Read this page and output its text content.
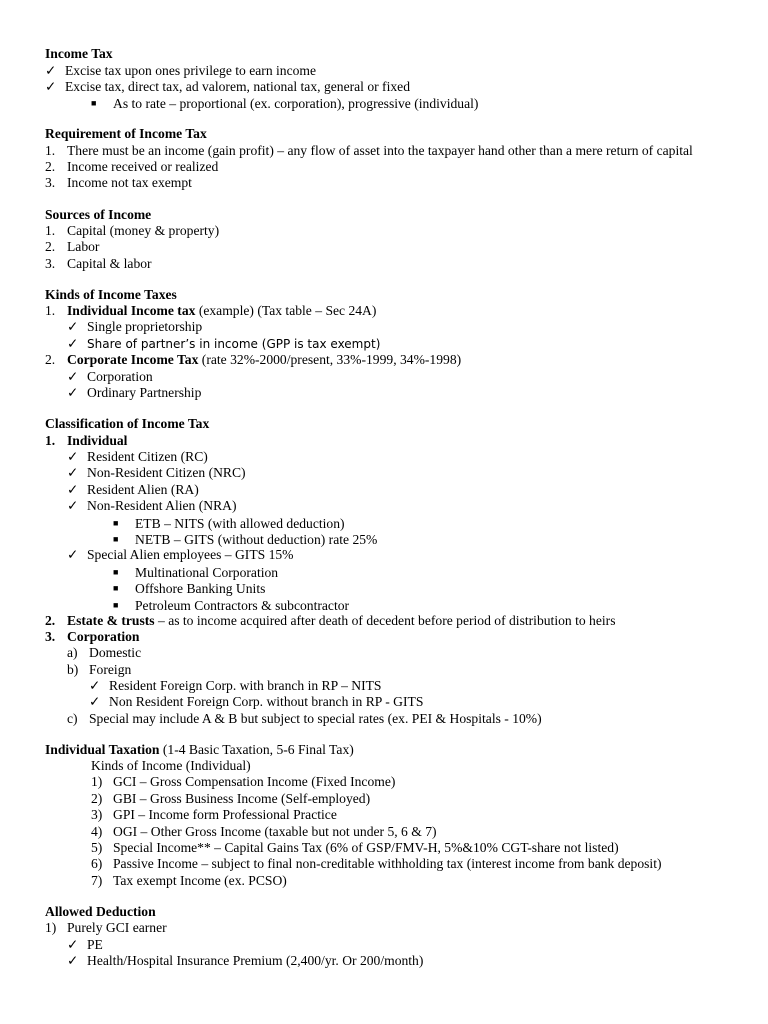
Income Tax
✓ Excise tax upon ones privilege to earn income
✓ Excise tax, direct tax, ad valorem, national tax, general or fixed
■ As to rate – proportional (ex. corporation), progressive (individual)
Requirement of Income Tax
1. There must be an income (gain profit) – any flow of asset into the taxpayer hand other than a mere return of capital
2. Income received or realized
3. Income not tax exempt
Sources of Income
1. Capital (money & property)
2. Labor
3. Capital & labor
Kinds of Income Taxes
1. Individual Income tax (example) (Tax table – Sec 24A)
✓ Single proprietorship
✓ Share of partner’s in income (GPP is tax exempt)
2. Corporate Income Tax (rate 32%-2000/present, 33%-1999, 34%-1998)
✓ Corporation
✓ Ordinary Partnership
Classification of Income Tax
1. Individual
✓ Resident Citizen (RC)
✓ Non-Resident Citizen (NRC)
✓ Resident Alien (RA)
✓ Non-Resident Alien (NRA)
■ ETB – NITS (with allowed deduction)
■ NETB – GITS (without deduction) rate 25%
✓ Special Alien employees – GITS 15%
■ Multinational Corporation
■ Offshore Banking Units
■ Petroleum Contractors & subcontractor
2. Estate & trusts – as to income acquired after death of decedent before period of distribution to heirs
3. Corporation
a) Domestic
b) Foreign
✓ Resident Foreign Corp. with branch in RP – NITS
✓ Non Resident Foreign Corp. without branch in RP - GITS
c) Special may include A & B but subject to special rates (ex. PEI & Hospitals - 10%)
Individual Taxation (1-4 Basic Taxation, 5-6 Final Tax)
Kinds of Income (Individual)
1) GCI – Gross Compensation Income (Fixed Income)
2) GBI – Gross Business Income (Self-employed)
3) GPI – Income form Professional Practice
4) OGI – Other Gross Income (taxable but not under 5, 6 & 7)
5) Special Income** – Capital Gains Tax (6% of GSP/FMV-H, 5%&10% CGT-share not listed)
6) Passive Income – subject to final non-creditable withholding tax (interest income from bank deposit)
7) Tax exempt Income (ex. PCSO)
Allowed Deduction
1) Purely GCI earner
✓ PE
✓ Health/Hospital Insurance Premium (2,400/yr. Or 200/month)
